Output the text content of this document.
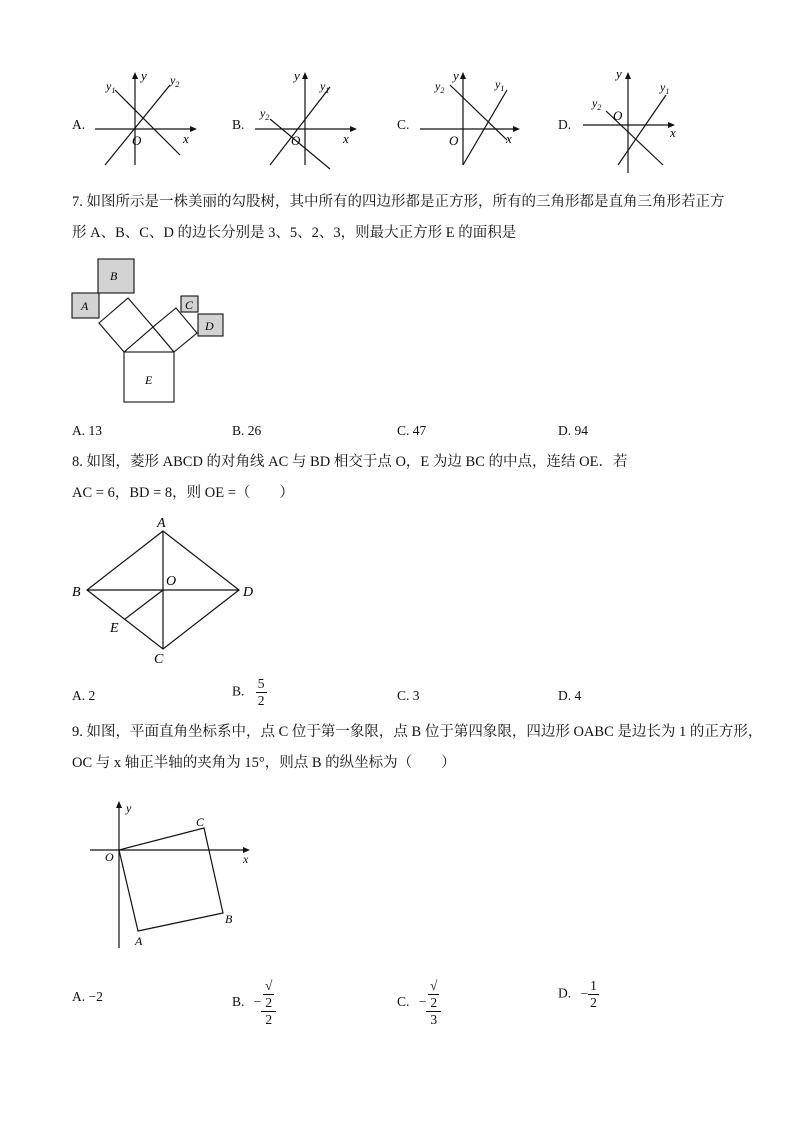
A.
y
x
O
$y_1$
$y_2$
B.
y
x
O
$y_2$
$y_1$
C.
y
x
O
$y_2$	$y_1$
D.
y
x
O
$y_2$
$y_1$
7. 如图所示是一株美丽的勾股树，其中所有的四边形都是正方形，所有的三角形都是直角三角形若正方
形 A、B、C、D 的边长分别是 3、5、2、3，则最大正方形 E 的面积是
A
B
C
D
E
A. 13	B. 26	C. 47	D. 94
8. 如图，菱形 ABCD 的对角线 AC 与 BD 相交于点 O，E 为边 BC 的中点，连结 OE．若
AC = 6，BD = 8，则 OE =（　　）
A
B
C
D
O
E
A. 2	B. $\frac{5}{2}$	C. 3	D. 4
9. 如图，平面直角坐标系中，点 C 位于第一象限，点 B 位于第四象限，四边形 OABC 是边长为 1 的正方形，
OC 与 x 轴正半轴的夹角为 15°，则点 B 的纵坐标为（　　）
y
x
O
A
B
C
A. −2	B. − √
2
2	C. − √
2
3	D. − $\frac{1}{2}$
